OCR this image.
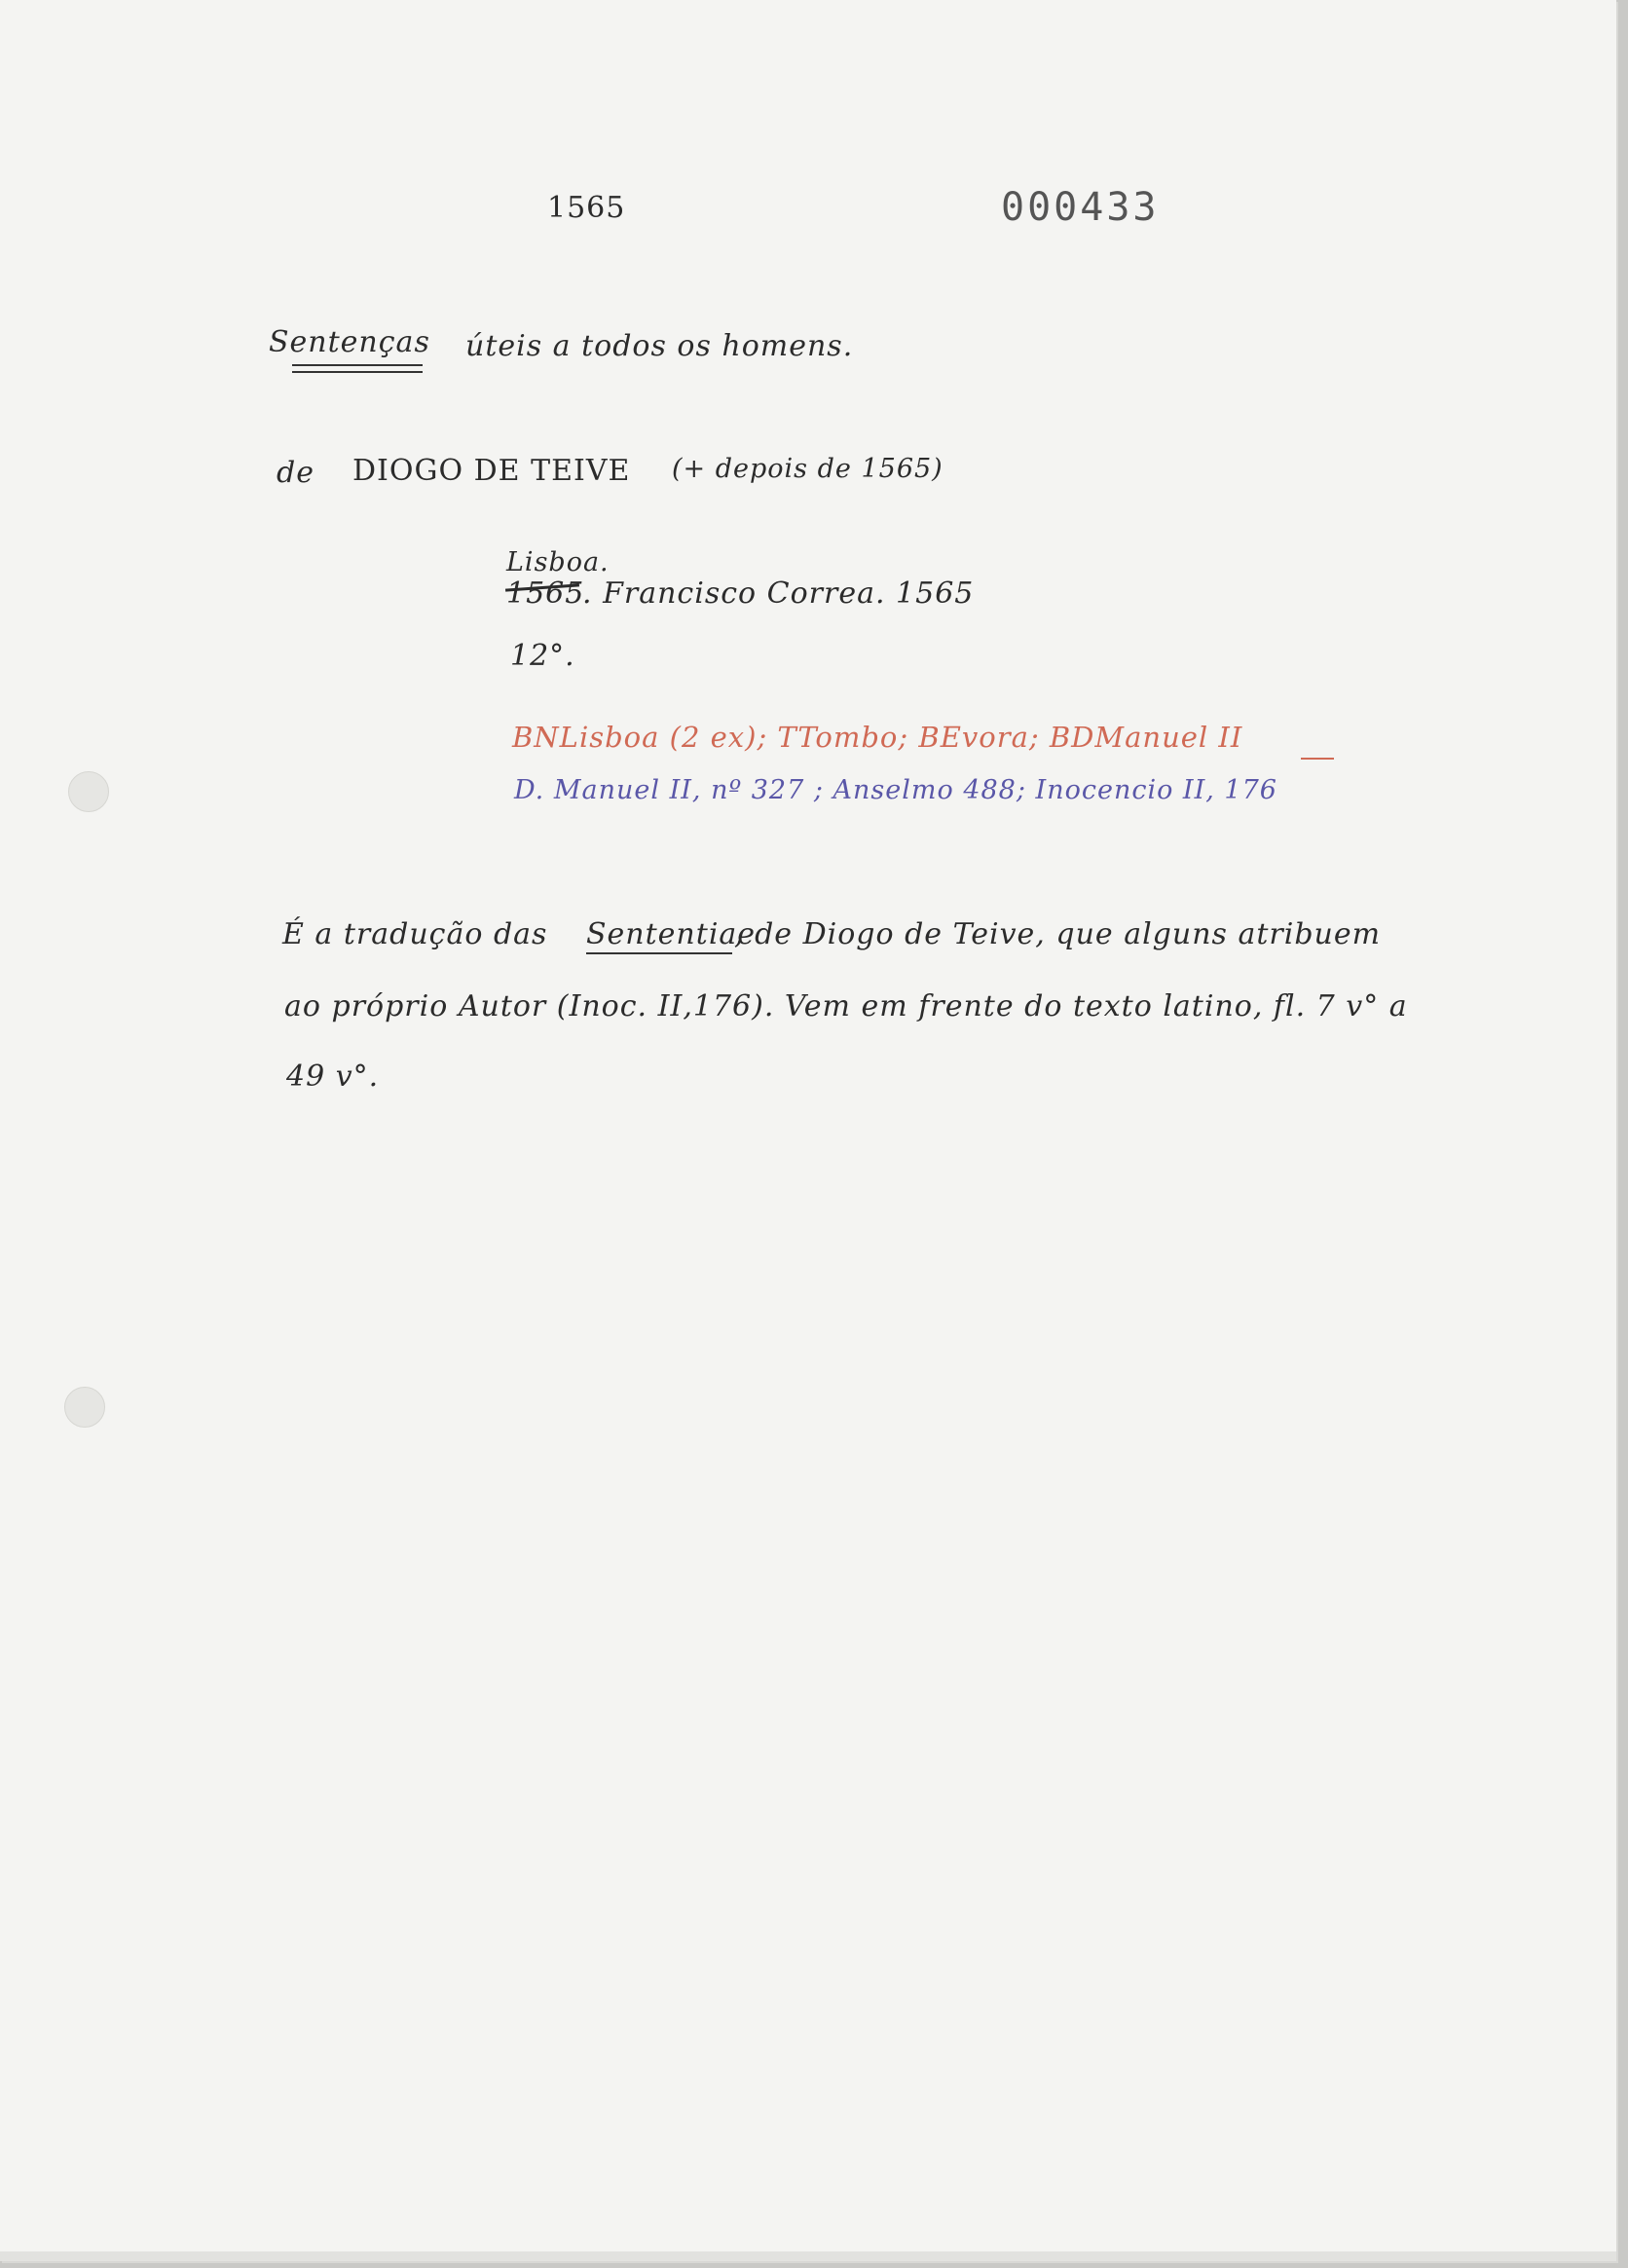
1565	000433
Sentenças úteis a todos os homens.
de DIOGO DE TEIVE (+ depois de 1565)
Lisboa.
1565
. Francisco Correa. 1565
12°.
BNLisboa (2 ex); TTombo; BEvora; BDManuel II
D. Manuel II, nº 327 ; Anselmo 488; Inocencio II, 176
É a tradução das Sententiae
, de Diogo de Teive, que alguns atribuem
ao próprio Autor (Inoc. II,176). Vem em frente do texto latino, fl. 7 v° a
49 v°.
